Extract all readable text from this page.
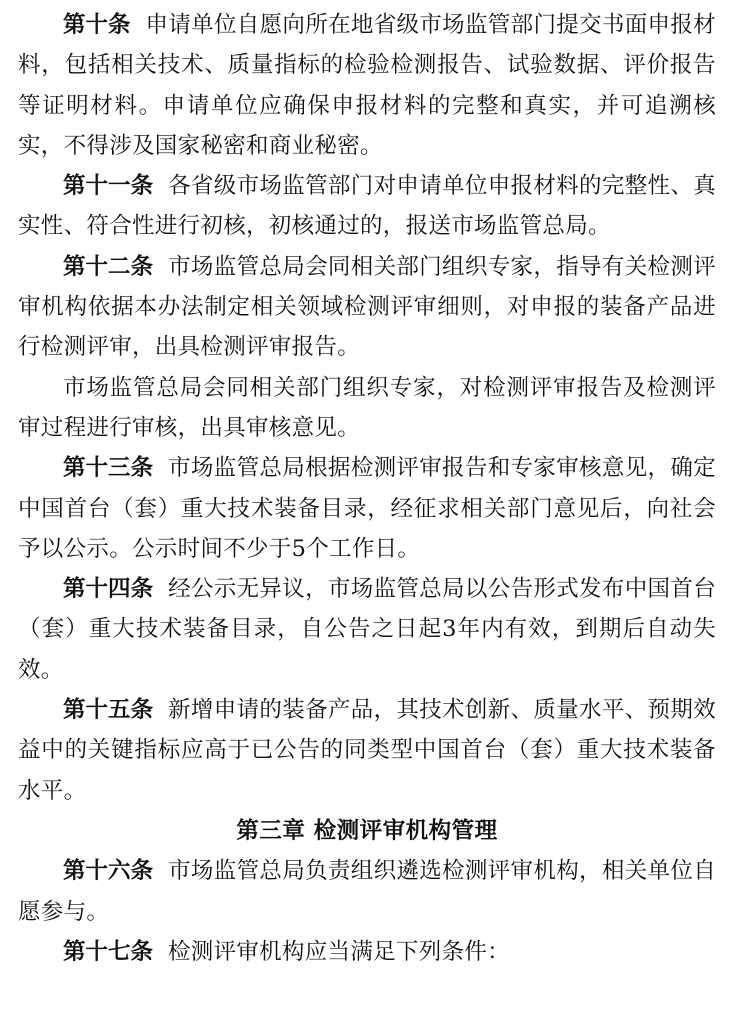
第十条 申请单位自愿向所在地省级市场监管部门提交书面申报材料，包括相关技术、质量指标的检验检测报告、试验数据、评价报告等证明材料。申请单位应确保申报材料的完整和真实，并可追溯核实，不得涉及国家秘密和商业秘密。

第十一条 各省级市场监管部门对申请单位申报材料的完整性、真实性、符合性进行初核，初核通过的，报送市场监管总局。

第十二条 市场监管总局会同相关部门组织专家，指导有关检测评审机构依据本办法制定相关领域检测评审细则，对申报的装备产品进行检测评审，出具检测评审报告。

市场监管总局会同相关部门组织专家，对检测评审报告及检测评审过程进行审核，出具审核意见。

第十三条 市场监管总局根据检测评审报告和专家审核意见，确定中国首台（套）重大技术装备目录，经征求相关部门意见后，向社会予以公示。公示时间不少于5个工作日。

第十四条 经公示无异议，市场监管总局以公告形式发布中国首台（套）重大技术装备目录，自公告之日起3年内有效，到期后自动失效。

第十五条 新增申请的装备产品，其技术创新、质量水平、预期效益中的关键指标应高于已公告的同类型中国首台（套）重大技术装备水平。

第三章 检测评审机构管理

第十六条 市场监管总局负责组织遴选检测评审机构，相关单位自愿参与。

第十七条 检测评审机构应当满足下列条件：
